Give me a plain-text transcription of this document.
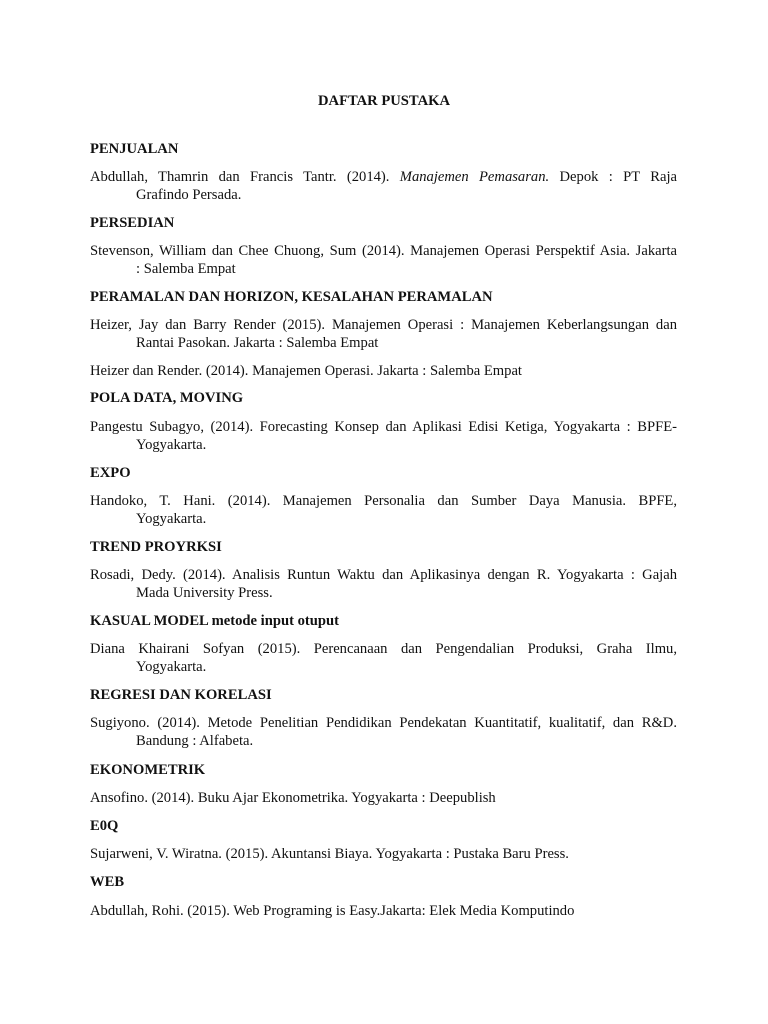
DAFTAR PUSTAKA
PENJUALAN
Abdullah, Thamrin dan Francis Tantr. (2014). Manajemen Pemasaran. Depok : PT Raja
Grafindo Persada.
PERSEDIAN
Stevenson, William dan Chee Chuong, Sum (2014). Manajemen Operasi Perspektif Asia. Jakarta
: Salemba Empat
PERAMALAN DAN HORIZON, KESALAHAN PERAMALAN
Heizer, Jay dan Barry Render (2015). Manajemen Operasi : Manajemen Keberlangsungan dan
Rantai Pasokan. Jakarta : Salemba Empat
Heizer dan Render. (2014). Manajemen Operasi. Jakarta : Salemba Empat
POLA DATA, MOVING
Pangestu Subagyo, (2014). Forecasting Konsep dan Aplikasi Edisi Ketiga, Yogyakarta : BPFE-
Yogyakarta.
EXPO
Handoko, T. Hani. (2014). Manajemen Personalia dan Sumber Daya Manusia. BPFE,
Yogyakarta.
TREND PROYRKSI
Rosadi, Dedy. (2014). Analisis Runtun Waktu dan Aplikasinya dengan R. Yogyakarta : Gajah
Mada University Press.
KASUAL MODEL metode input otuput
Diana Khairani Sofyan (2015). Perencanaan dan Pengendalian Produksi, Graha Ilmu,
Yogyakarta.
REGRESI DAN KORELASI
Sugiyono. (2014). Metode Penelitian Pendidikan Pendekatan Kuantitatif, kualitatif, dan R&D.
Bandung : Alfabeta.
EKONOMETRIK
Ansofino. (2014). Buku Ajar Ekonometrika. Yogyakarta : Deepublish
E0Q
Sujarweni, V. Wiratna. (2015). Akuntansi Biaya. Yogyakarta : Pustaka Baru Press.
WEB
Abdullah, Rohi. (2015). Web Programing is Easy.Jakarta: Elek Media Komputindo
